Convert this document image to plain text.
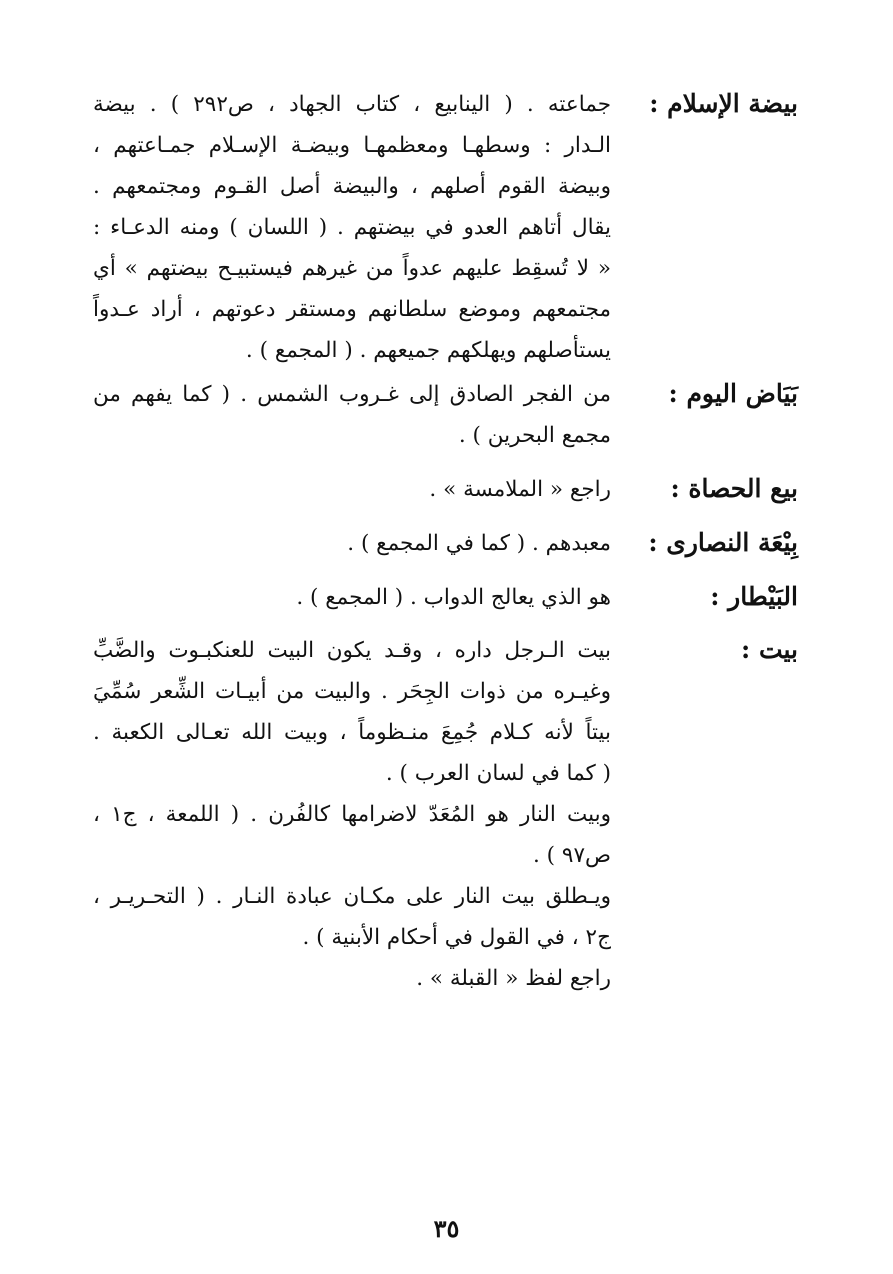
بيضة الإسلام :
جماعته . ( الينابيع ، كتاب الجهاد ، ص٢٩٢ ) . بيضة
الـدار : وسطهـا ومعظمهـا وبيضـة الإسـلام جمـاعتهم ،
وبيضة القوم أصلهم ، والبيضة أصل القـوم ومجتمعهم .
يقال أتاهم العدو في بيضتهم . ( اللسان ) ومنه الدعـاء :
« لا تُسقِط عليهم عدواً من غيرهم فيستبيـح بيضتهم » أي
مجتمعهم وموضع سلطانهم ومستقر دعوتهم ، أراد عـدواً
يستأصلهم ويهلكهم جميعهم . ( المجمع ) .
بَيَاض اليوم :
من الفجر الصادق إلى غـروب الشمس . ( كما يفهم من
مجمع البحرين ) .
بيع الحصاة :
راجع « الملامسة » .
بِيْعَة النصارى :
معبدهم . ( كما في المجمع ) .
البَيْطار :
هو الذي يعالج الدواب . ( المجمع ) .
بيت :
بيت الـرجل داره ، وقـد يكون البيت للعنكبـوت والضَّبِّ
وغيـره من ذوات الجِحَر . والبيت من أبيـات الشِّعر سُمِّيَ
بيتاً لأنه كـلام جُمِعَ منـظوماً ، وبيت الله تعـالى الكعبة .
( كما في لسان العرب ) .
وبيت النار هو المُعَدّ لاضرامها كالفُرن . ( اللمعة ، ج١ ،
ص٩٧ ) .
ويـطلق بيت النار على مكـان عبادة النـار . ( التحـريـر ،
ج٢ ، في القول في أحكام الأبنية ) .
راجع لفظ « القبلة » .
٣٥
